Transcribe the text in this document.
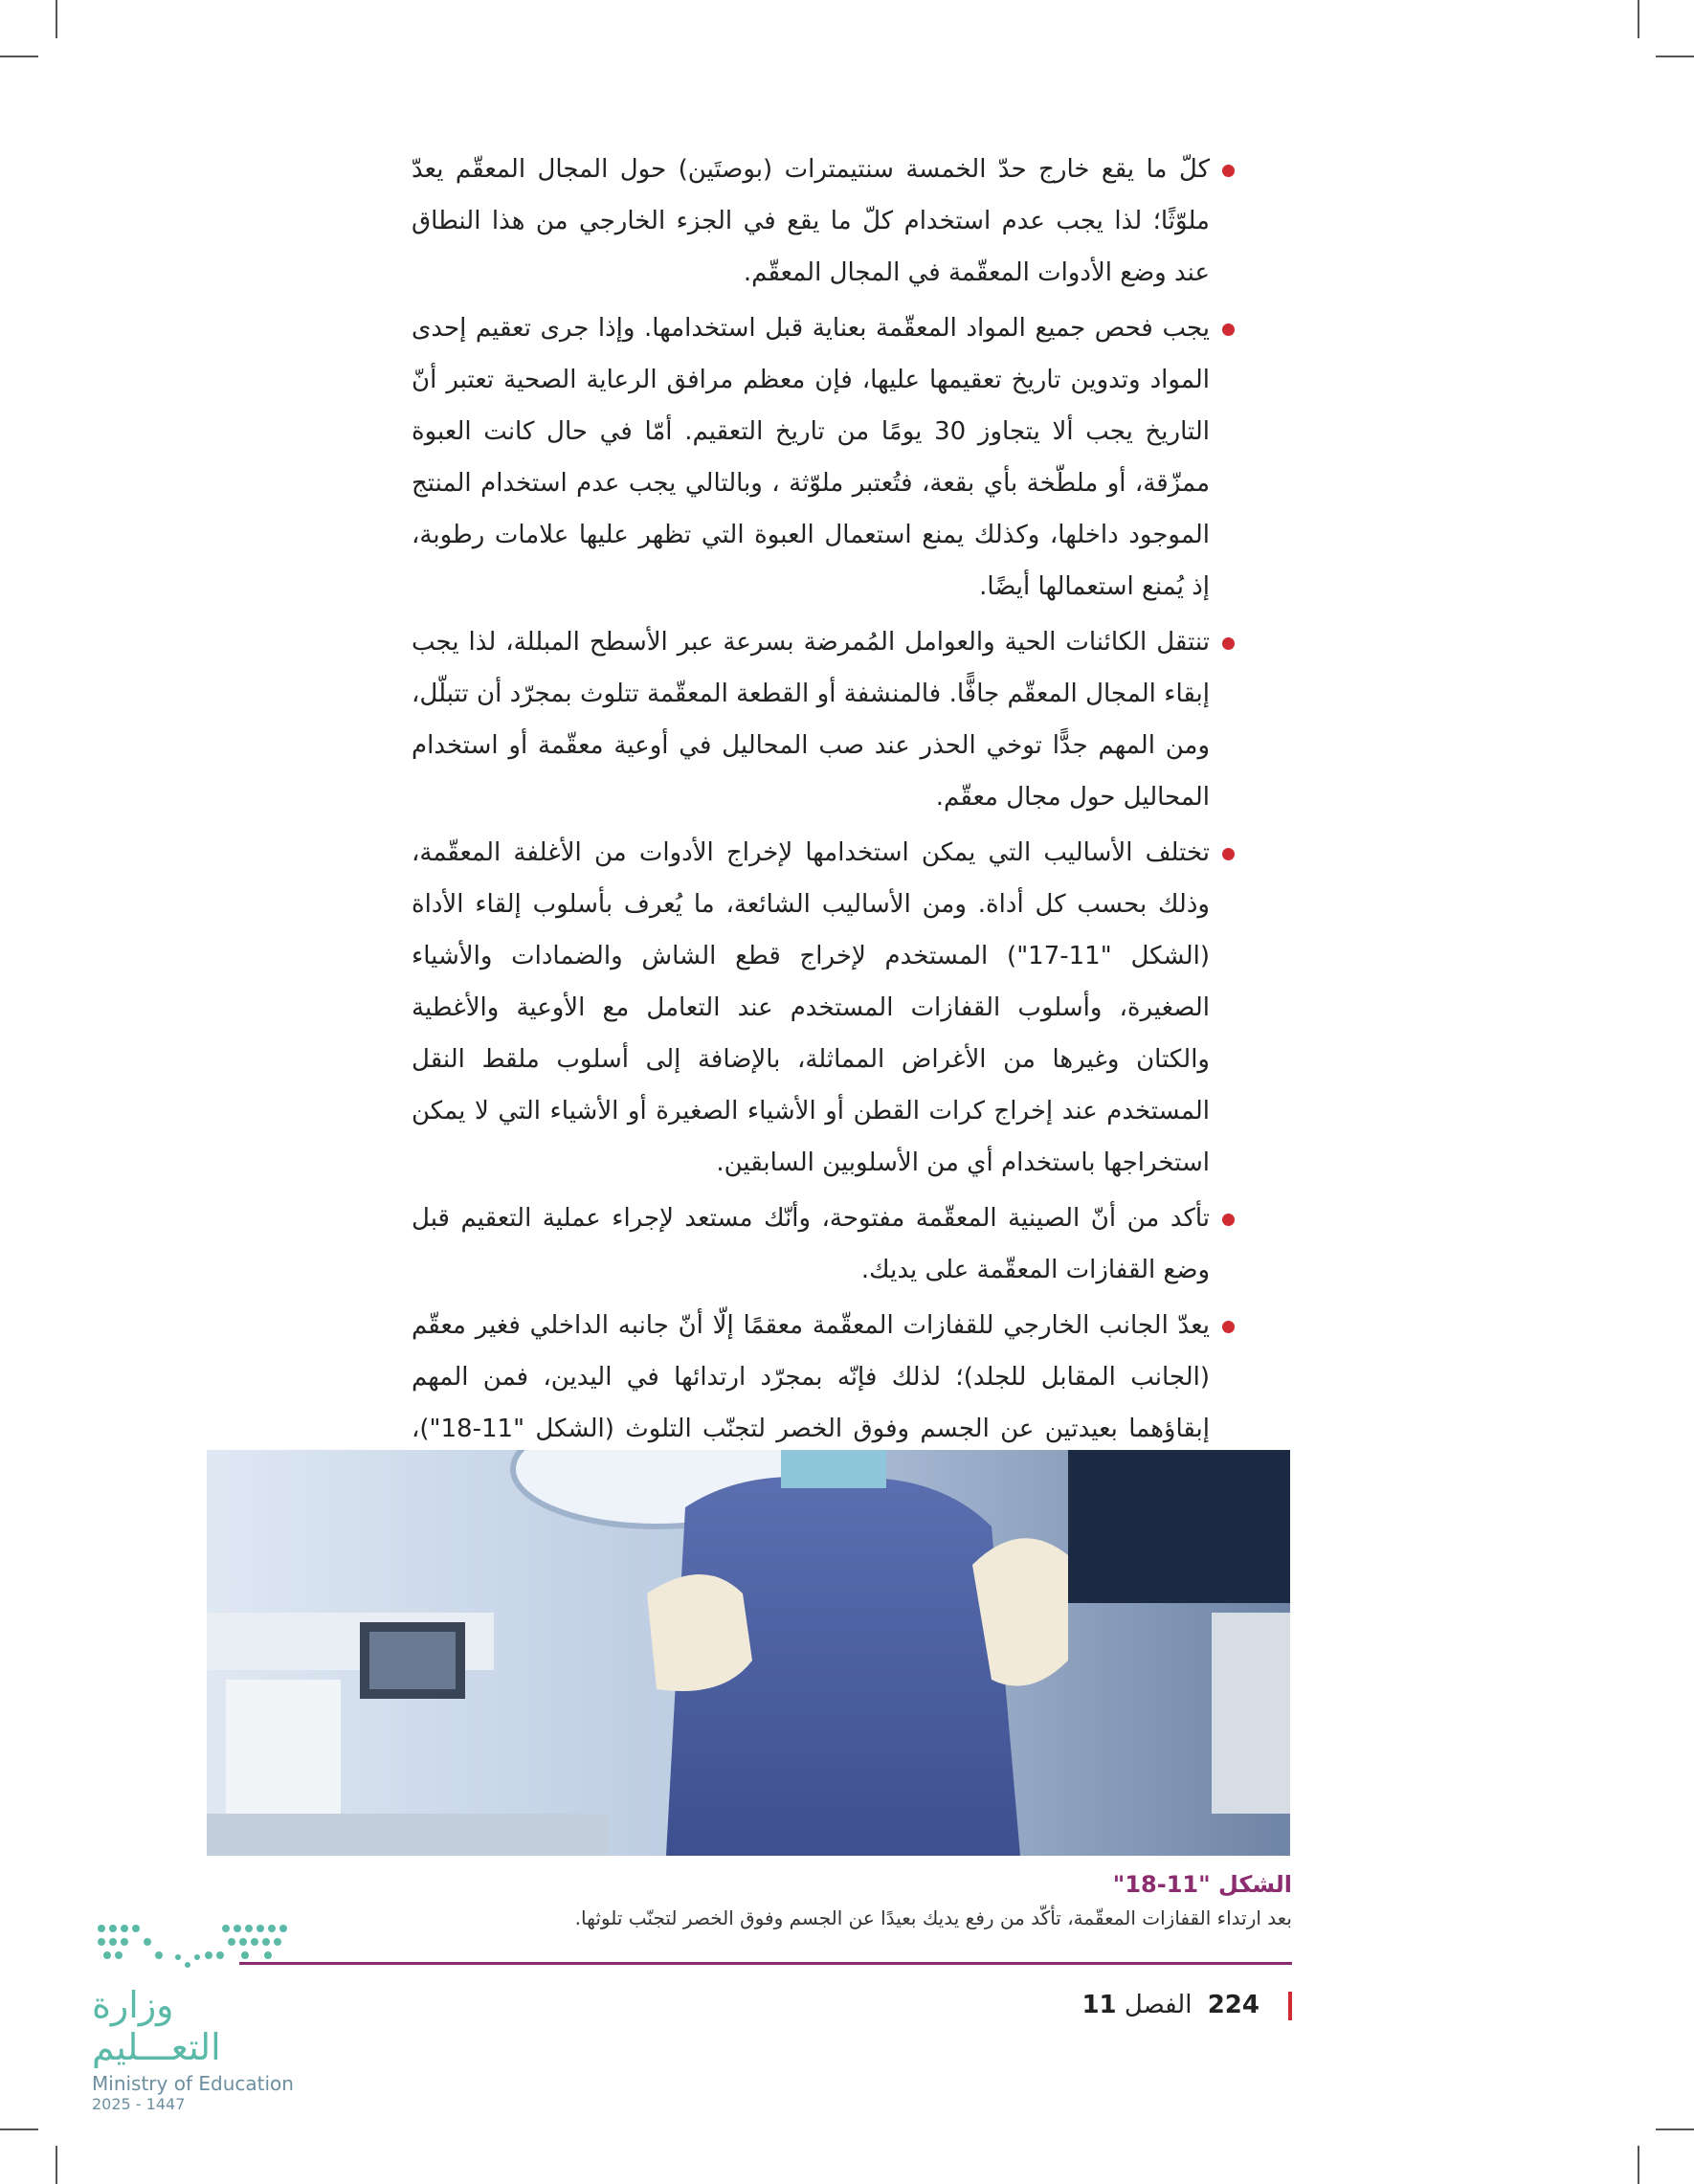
كلّ ما يقع خارج حدّ الخمسة سنتيمترات (بوصتَين) حول المجال المعقّم يعدّ ملوّثًا؛ لذا يجب عدم استخدام كلّ ما يقع في الجزء الخارجي من هذا النطاق عند وضع الأدوات المعقّمة في المجال المعقّم.
يجب فحص جميع المواد المعقّمة بعناية قبل استخدامها. وإذا جرى تعقيم إحدى المواد وتدوين تاريخ تعقيمها عليها، فإن معظم مرافق الرعاية الصحية تعتبر أنّ التاريخ يجب ألا يتجاوز 30 يومًا من تاريخ التعقيم. أمّا في حال كانت العبوة ممزّقة، أو ملطّخة بأي بقعة، فتُعتبر ملوّثة ، وبالتالي يجب عدم استخدام المنتج الموجود داخلها، وكذلك يمنع استعمال العبوة التي تظهر عليها علامات رطوبة، إذ يُمنع استعمالها أيضًا.
تنتقل الكائنات الحية والعوامل المُمرضة بسرعة عبر الأسطح المبللة، لذا يجب إبقاء المجال المعقّم جافًّا. فالمنشفة أو القطعة المعقّمة تتلوث بمجرّد أن تتبلّل، ومن المهم جدًّا توخي الحذر عند صب المحاليل في أوعية معقّمة أو استخدام المحاليل حول مجال معقّم.
تختلف الأساليب التي يمكن استخدامها لإخراج الأدوات من الأغلفة المعقّمة، وذلك بحسب كل أداة. ومن الأساليب الشائعة، ما يُعرف بأسلوب إلقاء الأداة (الشكل "11-17") المستخدم لإخراج قطع الشاش والضمادات والأشياء الصغيرة، وأسلوب القفازات المستخدم عند التعامل مع الأوعية والأغطية والكتان وغيرها من الأغراض المماثلة، بالإضافة إلى أسلوب ملقط النقل المستخدم عند إخراج كرات القطن أو الأشياء الصغيرة أو الأشياء التي لا يمكن استخراجها باستخدام أي من الأسلوبين السابقين.
تأكد من أنّ الصينية المعقّمة مفتوحة، وأنّك مستعد لإجراء عملية التعقيم قبل وضع القفازات المعقّمة على يديك.
يعدّ الجانب الخارجي للقفازات المعقّمة معقمًا إلّا أنّ جانبه الداخلي فغير معقّم (الجانب المقابل للجلد)؛ لذلك فإنّه بمجرّد ارتدائها في اليدين، فمن المهم إبقاؤهما بعيدتين عن الجسم وفوق الخصر لتجنّب التلوث (الشكل "11-18")،
الشكل "11-18"
بعد ارتداء القفازات المعقّمة، تأكّد من رفع يديك بعيدًا عن الجسم وفوق الخصر لتجنّب تلوثها.
224 الفصل 11
وزارة التعـــليم
Ministry of Education
2025 - 1447
